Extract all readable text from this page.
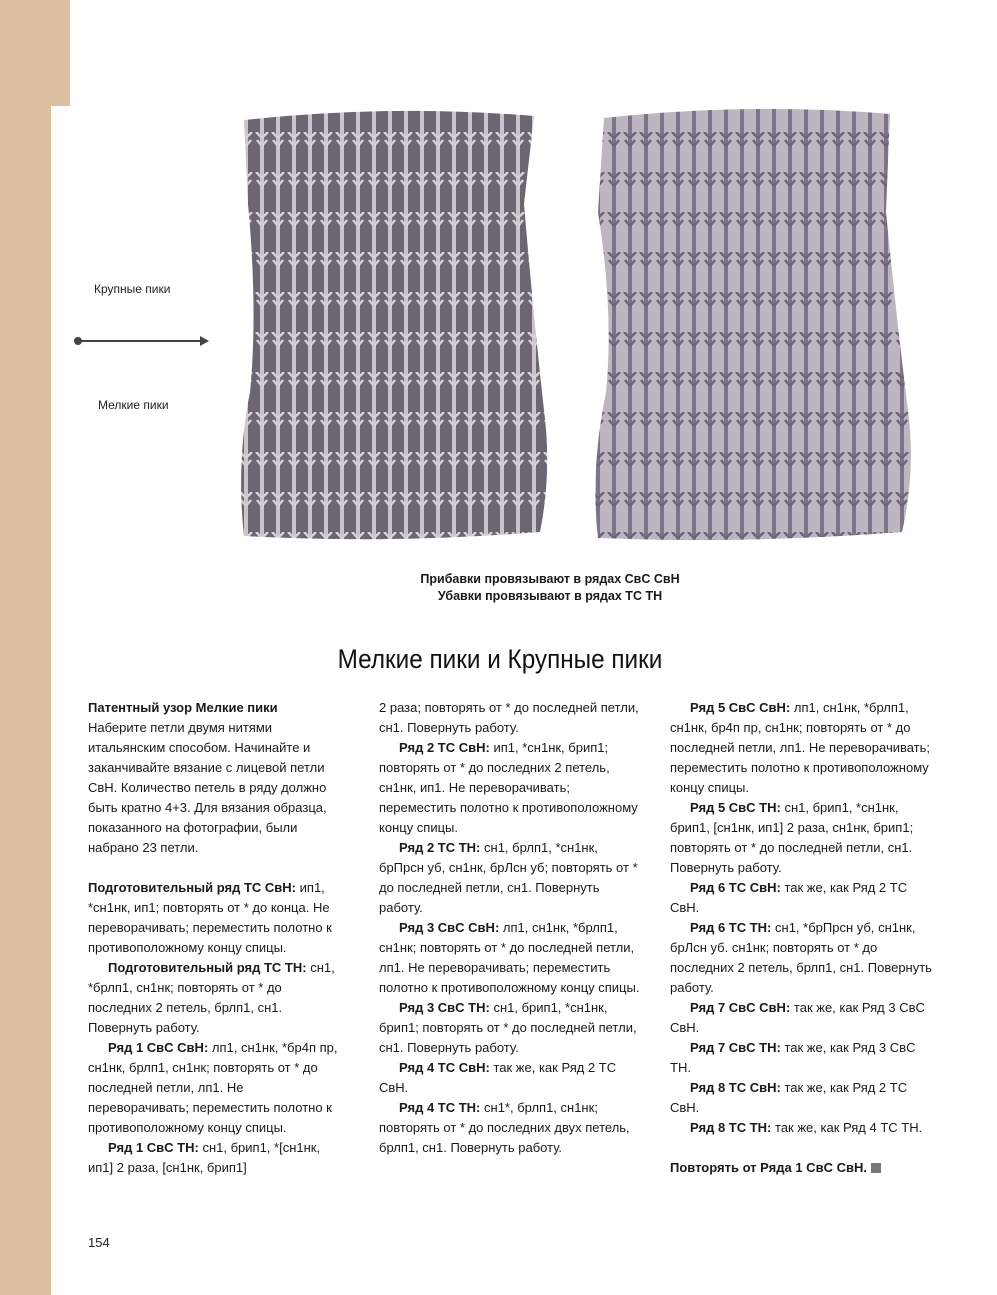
Крупные пики
Мелкие пики
Прибавки провязывают в рядах СвС СвН
Убавки провязывают в рядах ТС ТН
Мелкие пики и Крупные пики

Патентный узор Мелкие пики

Наберите петли двумя нитями итальянским способом. Начинайте и заканчивайте вязание с лицевой петли СвН. Количество петель в ряду должно быть кратно 4+3. Для вязания образца, показанного на фотографии, были набрано 23 петли.

Подготовительный ряд ТС СвН: ип1, *сн1нк, ип1; повторять от * до конца. Не переворачивать; переместить полотно к противоположному концу спицы.

Подготовительный ряд ТС ТН: сн1, *брлп1, сн1нк; повторять от * до последних 2 петель, брлп1, сн1. Повернуть работу.

Ряд 1 СвС СвН: лп1, сн1нк, *бр4п пр, сн1нк, брлп1, сн1нк; повторять от * до последней петли, лп1. Не переворачивать; переместить полотно к противоположному концу спицы.

Ряд 1 СвС ТН: сн1, брип1, *[сн1нк, ип1] 2 раза, [сн1нк, брип1]

2 раза; повторять от * до последней петли, сн1. Повернуть работу.

Ряд 2 ТС СвН: ип1, *сн1нк, брип1; повторять от * до последних 2 петель, сн1нк, ип1. Не переворачивать; переместить полотно к противоположному концу спицы.

Ряд 2 ТС ТН: сн1, брлп1, *сн1нк, брПрсн уб, сн1нк, брЛсн уб; повторять от * до последней петли, сн1. Повернуть работу.

Ряд 3 СвС СвН: лп1, сн1нк, *брлп1, сн1нк; повторять от * до последней петли, лп1. Не переворачивать; переместить полотно к противоположному концу спицы.

Ряд 3 СвС ТН: сн1, брип1, *сн1нк, брип1; повторять от * до последней петли, сн1. Повернуть работу.

Ряд 4 ТС СвН: так же, как Ряд 2 ТС СвН.

Ряд 4 ТС ТН: сн1*, брлп1, сн1нк; повторять от * до последних двух петель, брлп1, сн1. Повернуть работу.

Ряд 5 СвС СвН: лп1, сн1нк, *брлп1, сн1нк, бр4п пр, сн1нк; повторять от * до последней петли, лп1. Не переворачивать; переместить полотно к противоположному концу спицы.

Ряд 5 СвС ТН: сн1, брип1, *сн1нк, брип1, [сн1нк, ип1] 2 раза, сн1нк, брип1; повторять от * до последней петли, сн1. Повернуть работу.

Ряд 6 ТС СвН: так же, как Ряд 2 ТС СвН.

Ряд 6 ТС ТН: сн1, *брПрсн уб, сн1нк, брЛсн уб. сн1нк; повторять от * до последних 2 петель, брлп1, сн1. Повернуть работу.

Ряд 7 СвС СвН: так же, как Ряд 3 СвС СвН.

Ряд 7 СвС ТН: так же, как Ряд 3 СвС ТН.

Ряд 8 ТС СвН: так же, как Ряд 2 ТС СвН.

Ряд 8 ТС ТН: так же, как Ряд 4 ТС ТН.

Повторять от Ряда 1 СвС СвН.

154
